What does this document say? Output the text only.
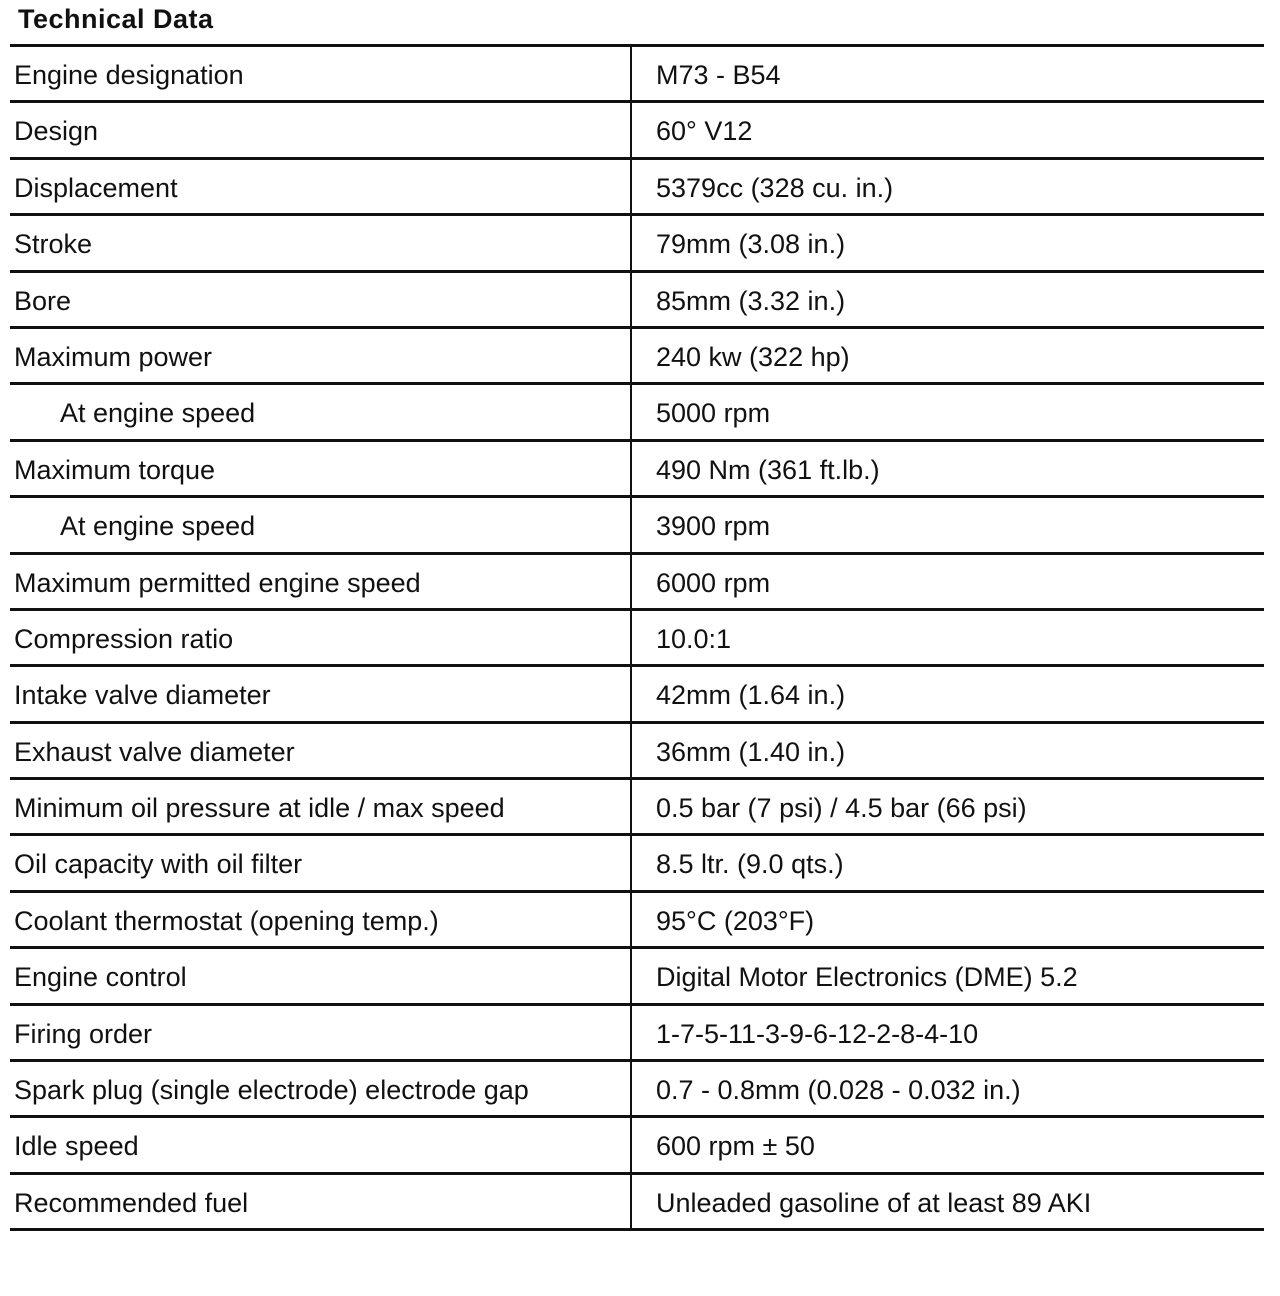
Technical Data
Engine designation	M73 - B54
Design	60° V12
Displacement	5379cc (328 cu. in.)
Stroke	79mm (3.08 in.)
Bore	85mm (3.32 in.)
Maximum power	240 kw (322 hp)
At engine speed	5000 rpm
Maximum torque	490 Nm (361 ft.lb.)
At engine speed	3900 rpm
Maximum permitted engine speed	6000 rpm
Compression ratio	10.0:1
Intake valve diameter	42mm (1.64 in.)
Exhaust valve diameter	36mm (1.40 in.)
Minimum oil pressure at idle / max speed	0.5 bar (7 psi) / 4.5 bar (66 psi)
Oil capacity with oil filter	8.5 ltr. (9.0 qts.)
Coolant thermostat (opening temp.)	95°C (203°F)
Engine control	Digital Motor Electronics (DME) 5.2
Firing order	1-7-5-11-3-9-6-12-2-8-4-10
Spark plug (single electrode) electrode gap	0.7 - 0.8mm (0.028 - 0.032 in.)
Idle speed	600 rpm ± 50
Recommended fuel	Unleaded gasoline of at least 89 AKI
